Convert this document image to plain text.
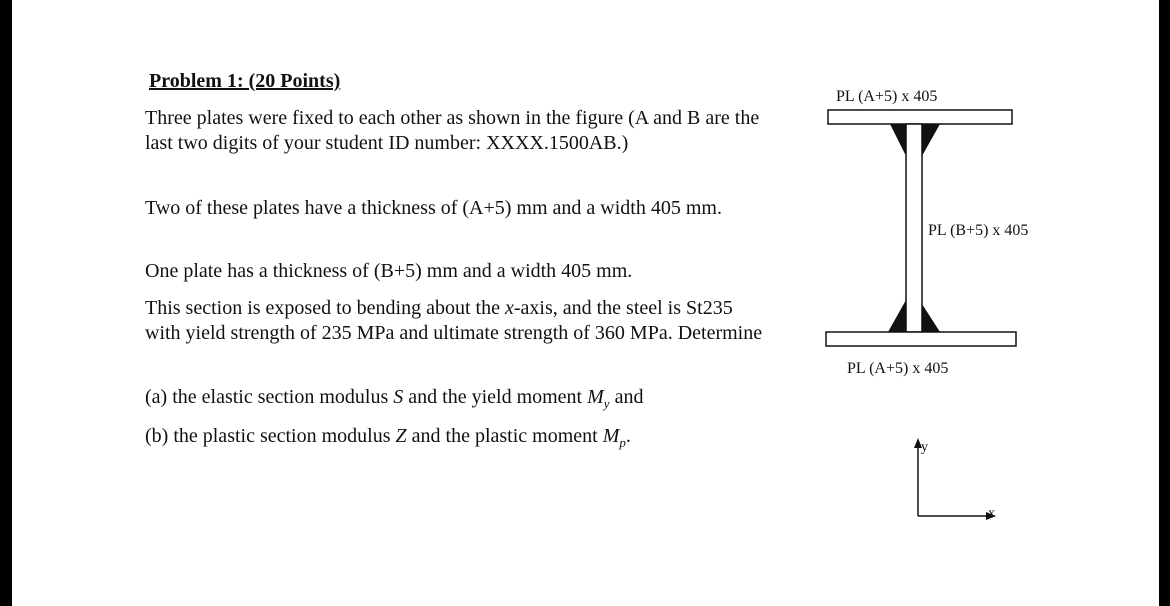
Problem 1: (20 Points)

Three plates were fixed to each other as shown in the figure (A and B are the last two digits of your student ID number: XXXX.1500AB.)

Two of these plates have a thickness of (A+5) mm and a width 405 mm.

One plate has a thickness of (B+5) mm and a width 405 mm.

This section is exposed to bending about the x-axis, and the steel is St235 with yield strength of 235 MPa and ultimate strength of 360 MPa. Determine

(a) the elastic section modulus S and the yield moment $M_y$ and

(b) the plastic section modulus Z and the plastic moment $M_p$.

PL (A+5) x 405
PL (B+5) x 405
PL (A+5) x 405
y
x
